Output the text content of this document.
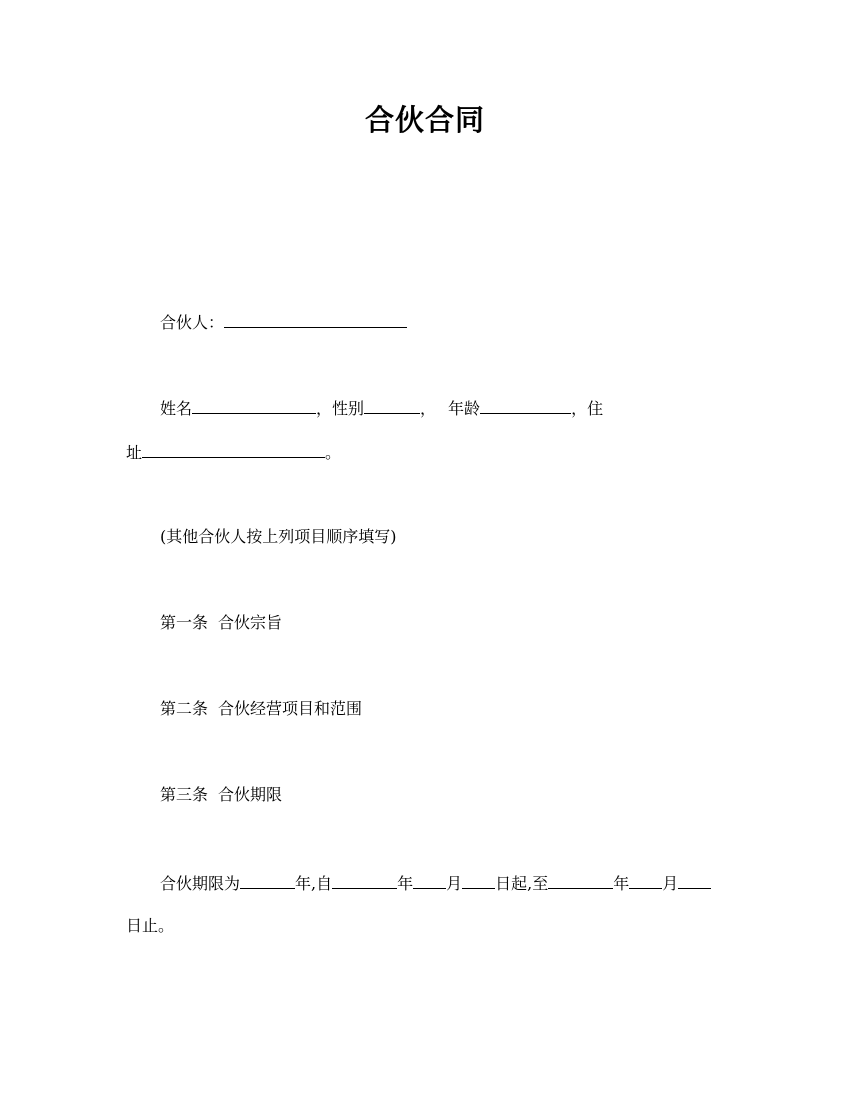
合伙合同
合伙人：
姓名	，性别	， 年龄	，住
址	。
(其他合伙人按上列项目顺序填写)
第一条 合伙宗旨
第二条 合伙经营项目和范围
第三条 合伙期限
合伙期限为	年,自	年 月 日起,至	年 月
日止。
